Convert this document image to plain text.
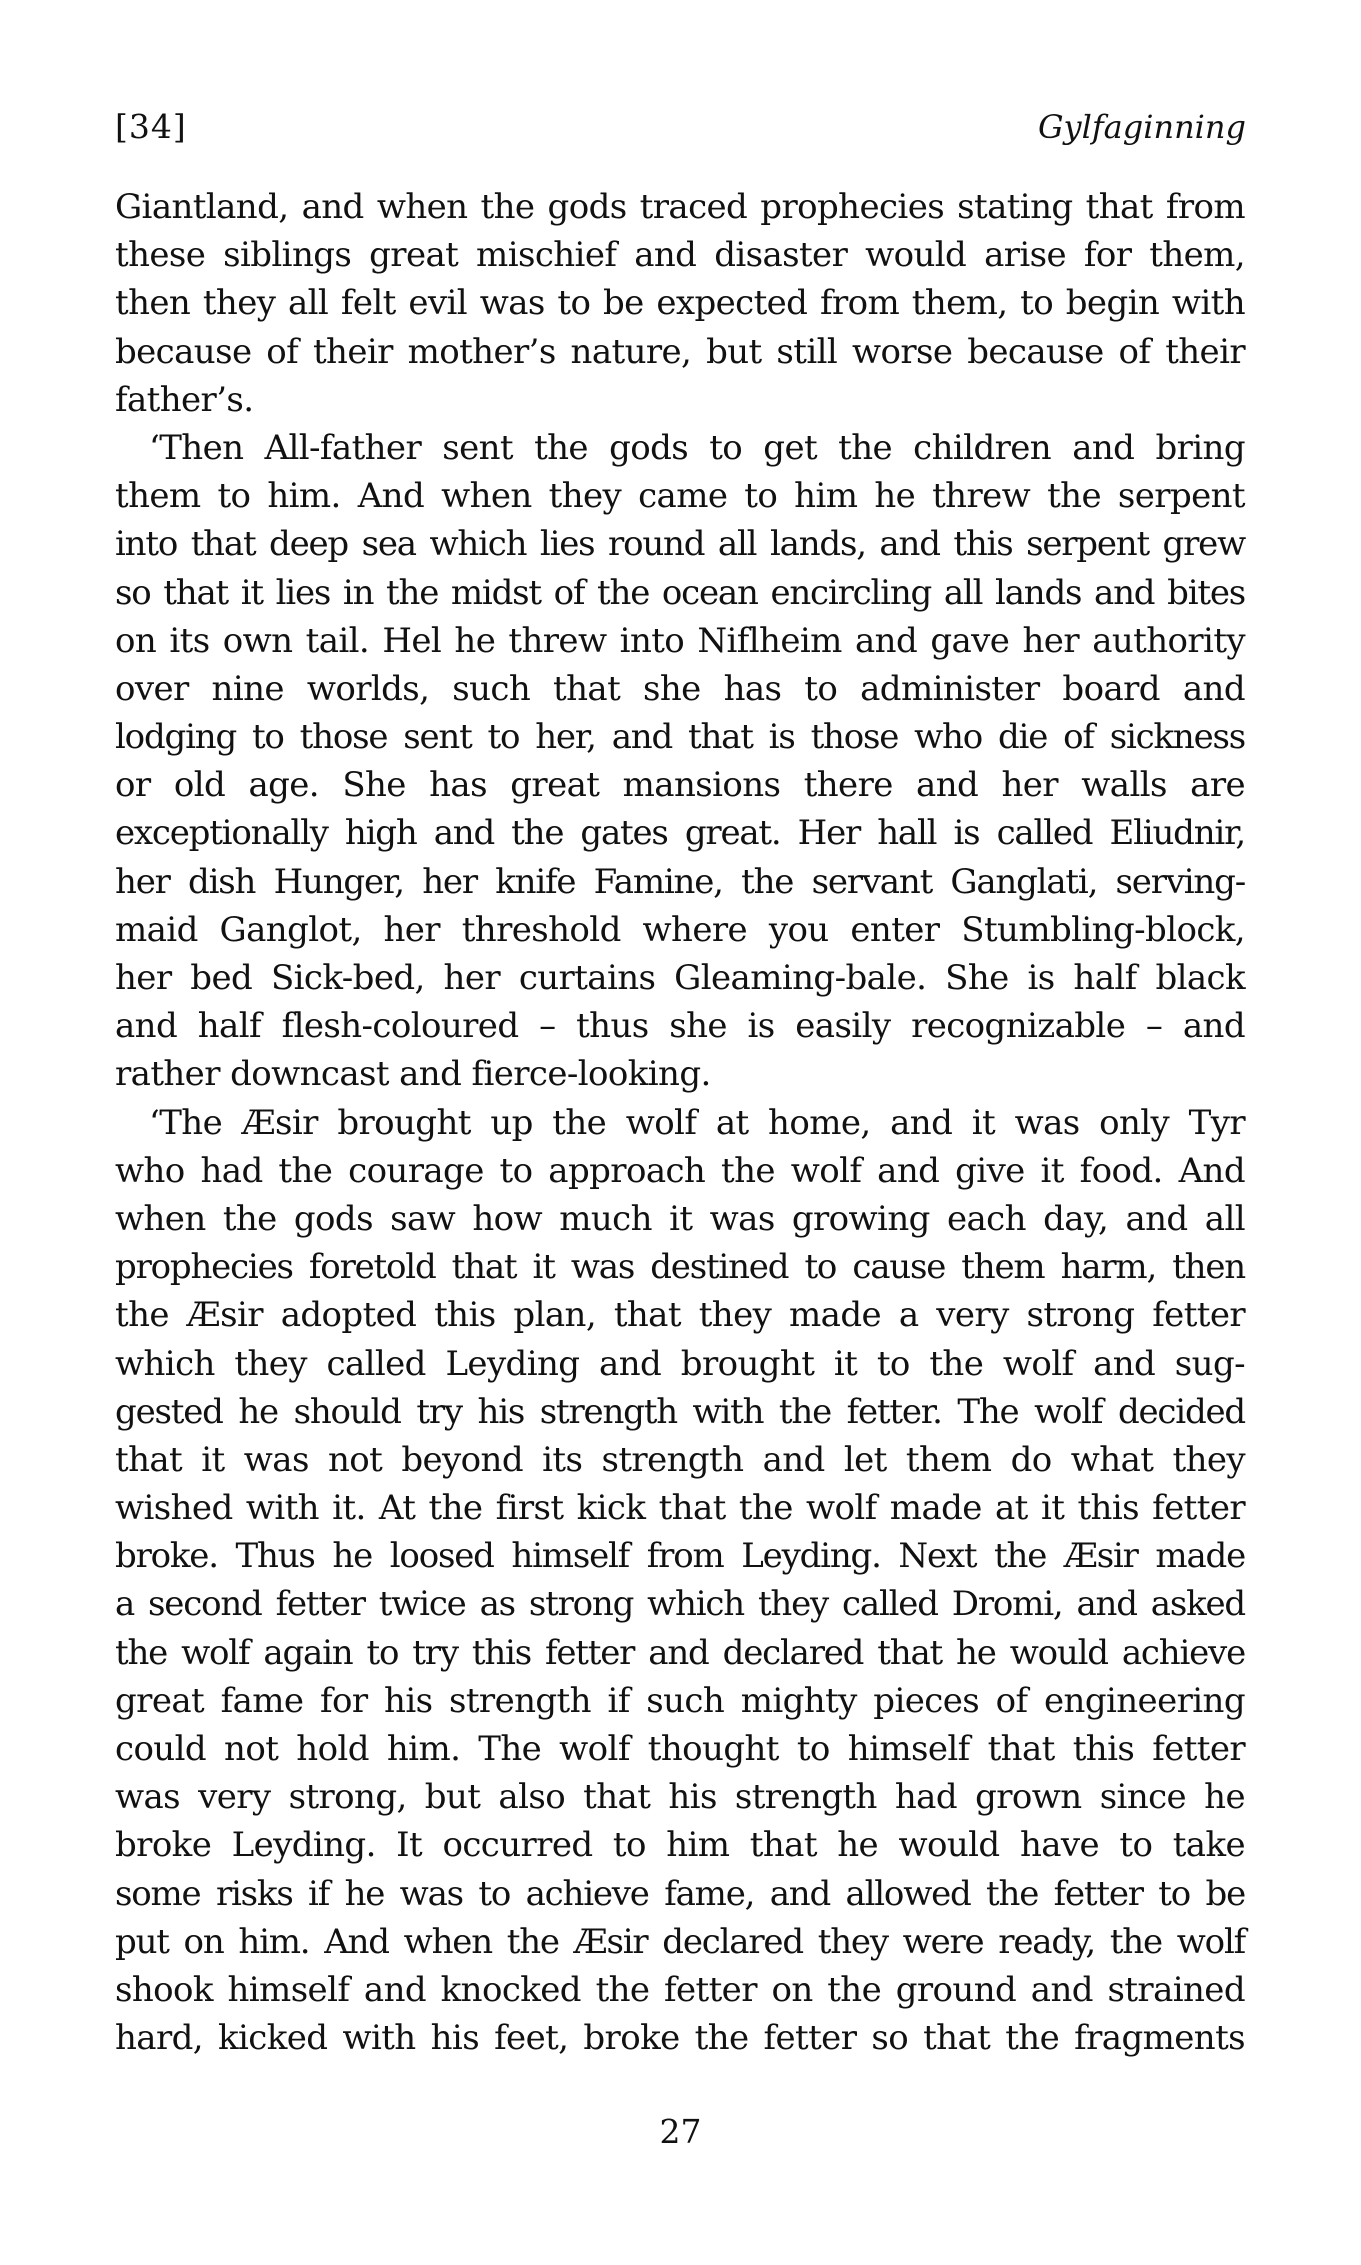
[34]	Gylfaginning
Giantland, and when the gods traced prophecies stating that from
these siblings great mischief and disaster would arise for them,
then they all felt evil was to be expected from them, to begin with
because of their mother’s nature, but still worse because of their
father’s.
‘Then All-father sent the gods to get the children and bring
them to him. And when they came to him he threw the serpent
into that deep sea which lies round all lands, and this serpent grew
so that it lies in the midst of the ocean encircling all lands and bites
on its own tail. Hel he threw into Niflheim and gave her authority
over nine worlds, such that she has to administer board and
lodging to those sent to her, and that is those who die of sickness
or old age. She has great mansions there and her walls are
exceptionally high and the gates great. Her hall is called Eliudnir,
her dish Hunger, her knife Famine, the servant Ganglati, serving-
maid Ganglot, her threshold where you enter Stumbling-block,
her bed Sick-bed, her curtains Gleaming-bale. She is half black
and half flesh-coloured – thus she is easily recognizable – and
rather downcast and fierce-looking.
‘The Æsir brought up the wolf at home, and it was only Tyr
who had the courage to approach the wolf and give it food. And
when the gods saw how much it was growing each day, and all
prophecies foretold that it was destined to cause them harm, then
the Æsir adopted this plan, that they made a very strong fetter
which they called Leyding and brought it to the wolf and sug-
gested he should try his strength with the fetter. The wolf decided
that it was not beyond its strength and let them do what they
wished with it. At the first kick that the wolf made at it this fetter
broke. Thus he loosed himself from Leyding. Next the Æsir made
a second fetter twice as strong which they called Dromi, and asked
the wolf again to try this fetter and declared that he would achieve
great fame for his strength if such mighty pieces of engineering
could not hold him. The wolf thought to himself that this fetter
was very strong, but also that his strength had grown since he
broke Leyding. It occurred to him that he would have to take
some risks if he was to achieve fame, and allowed the fetter to be
put on him. And when the Æsir declared they were ready, the wolf
shook himself and knocked the fetter on the ground and strained
hard, kicked with his feet, broke the fetter so that the fragments
27
